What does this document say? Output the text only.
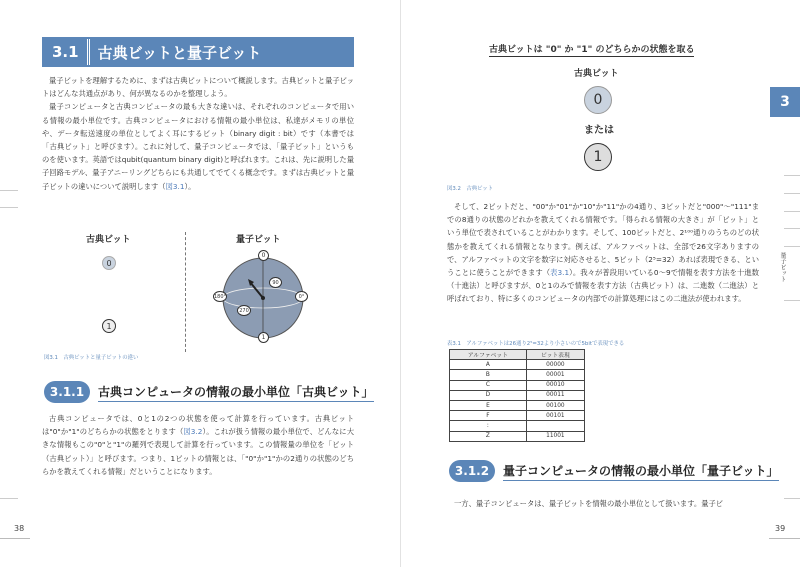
3.1 古典ビットと量子ビット

量子ビットを理解するために、まずは古典ビットについて概説します。古典ビットと量子ビットはどんな共通点があり、何が異なるのかを整理しよう。

量子コンピュータと古典コンピュータの最も大きな違いは、それぞれのコンピュータで用いる情報の最小単位です。古典コンピュータにおける情報の最小単位は、私達がメモリの単位や、データ転送速度の単位としてよく耳にするビット（binary digit : bit）です（本書では「古典ビット」と呼びます）。これに対して、量子コンピュータでは、「量子ビット」というものを使います。英語ではqubit(quantum binary digit)と呼ばれます。これは、先に説明した量子回路モデル、量子アニーリングどちらにも共通してでてくる概念です。まずは古典ビットと量子ビットの違いについて説明します（図3.1）。

古典ビット	量子ビット
0
1
0
1
0°
180°
90
270
図3.1　古典ビットと量子ビットの違い
3.1.1	古典コンピュータの情報の最小単位「古典ビット」

古典コンピュータでは、0と1の2つの状態を使って計算を行っています。古典ビットは"0"か"1"のどちらかの状態をとります（図3.2）。これが扱う情報の最小単位で、どんなに大きな情報もこの"0"と"1"の羅列で表現して計算を行っています。この情報量の単位を「ビット（古典ビット）」と呼びます。つまり、1ビットの情報とは、「"0"か"1"かの2通りの状態のどちらかを教えてくれる情報」だということになります。

38
古典ビットは "0" か "1" のどちらかの状態を取る
古典ビット
0
または
1
図3.2　古典ビット

そして、2ビットだと、"00"か"01"か"10"か"11"かの4通り、3ビットだと"000"〜"111"までの8通りの状態のどれかを教えてくれる情報です。「得られる情報の大きさ」が「ビット」という単位で表されていることがわかります。そして、100ビットだと、2¹⁰⁰通りのうちのどの状態かを教えてくれる情報となります。例えば、アルファベットは、全部で26文字ありますので、アルファベットの文字を数字に対応させると、5ビット（2⁵=32）あれば表現できる、ということに使うことができます（表3.1）。我々が普段用いている0〜9で情報を表す方法を十進数（十進法）と呼びますが、0と1のみで情報を表す方法（古典ビット）は、二進数（二進法）と呼ばれており、特に多くのコンピュータの内部での計算処理にはこの二進法が使われます。

表3.1　アルファベットは26通り2⁵=32より小さいので5bitで表現できる
アルファベット	ビット表現
A	00000
B	00001
C	00010
D	00011
E	00100
F	00101
:	
Z	11001
3.1.2	量子コンピュータの情報の最小単位「量子ビット」

一方、量子コンピュータは、量子ビットを情報の最小単位として扱います。量子ビ

39
3
量子ビット
